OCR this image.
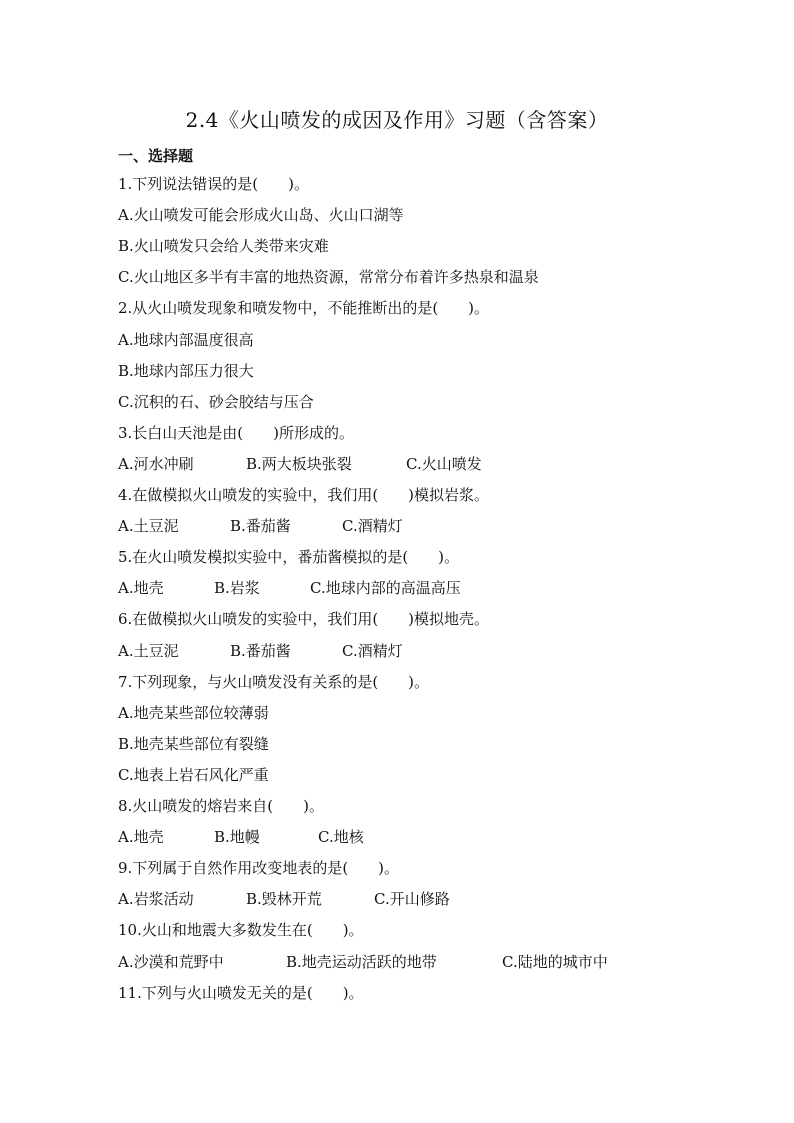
2.4《火山喷发的成因及作用》习题（含答案）
一、选择题
1.下列说法错误的是(　　)。
A.火山喷发可能会形成火山岛、火山口湖等
B.火山喷发只会给人类带来灾难
C.火山地区多半有丰富的地热资源，常常分布着许多热泉和温泉
2.从火山喷发现象和喷发物中，不能推断出的是(　　)。
A.地球内部温度很高
B.地球内部压力很大
C.沉积的石、砂会胶结与压合
3.长白山天池是由(　　)所形成的。
A.河水冲刷	B.两大板块张裂	C.火山喷发
4.在做模拟火山喷发的实验中，我们用(　　)模拟岩浆。
A.土豆泥	B.番茄酱	C.酒精灯
5.在火山喷发模拟实验中，番茄酱模拟的是(　　)。
A.地壳	B.岩浆	C.地球内部的高温高压
6.在做模拟火山喷发的实验中，我们用(　　)模拟地壳。
A.土豆泥	B.番茄酱	C.酒精灯
7.下列现象，与火山喷发没有关系的是(　　)。
A.地壳某些部位较薄弱
B.地壳某些部位有裂缝
C.地表上岩石风化严重
8.火山喷发的熔岩来自(　　)。
A.地壳	B.地幔	C.地核
9.下列属于自然作用改变地表的是(　　)。
A.岩浆活动	B.毁林开荒	C.开山修路
10.火山和地震大多数发生在(　　)。
A.沙漠和荒野中	B.地壳运动活跃的地带	C.陆地的城市中
11.下列与火山喷发无关的是(　　)。
